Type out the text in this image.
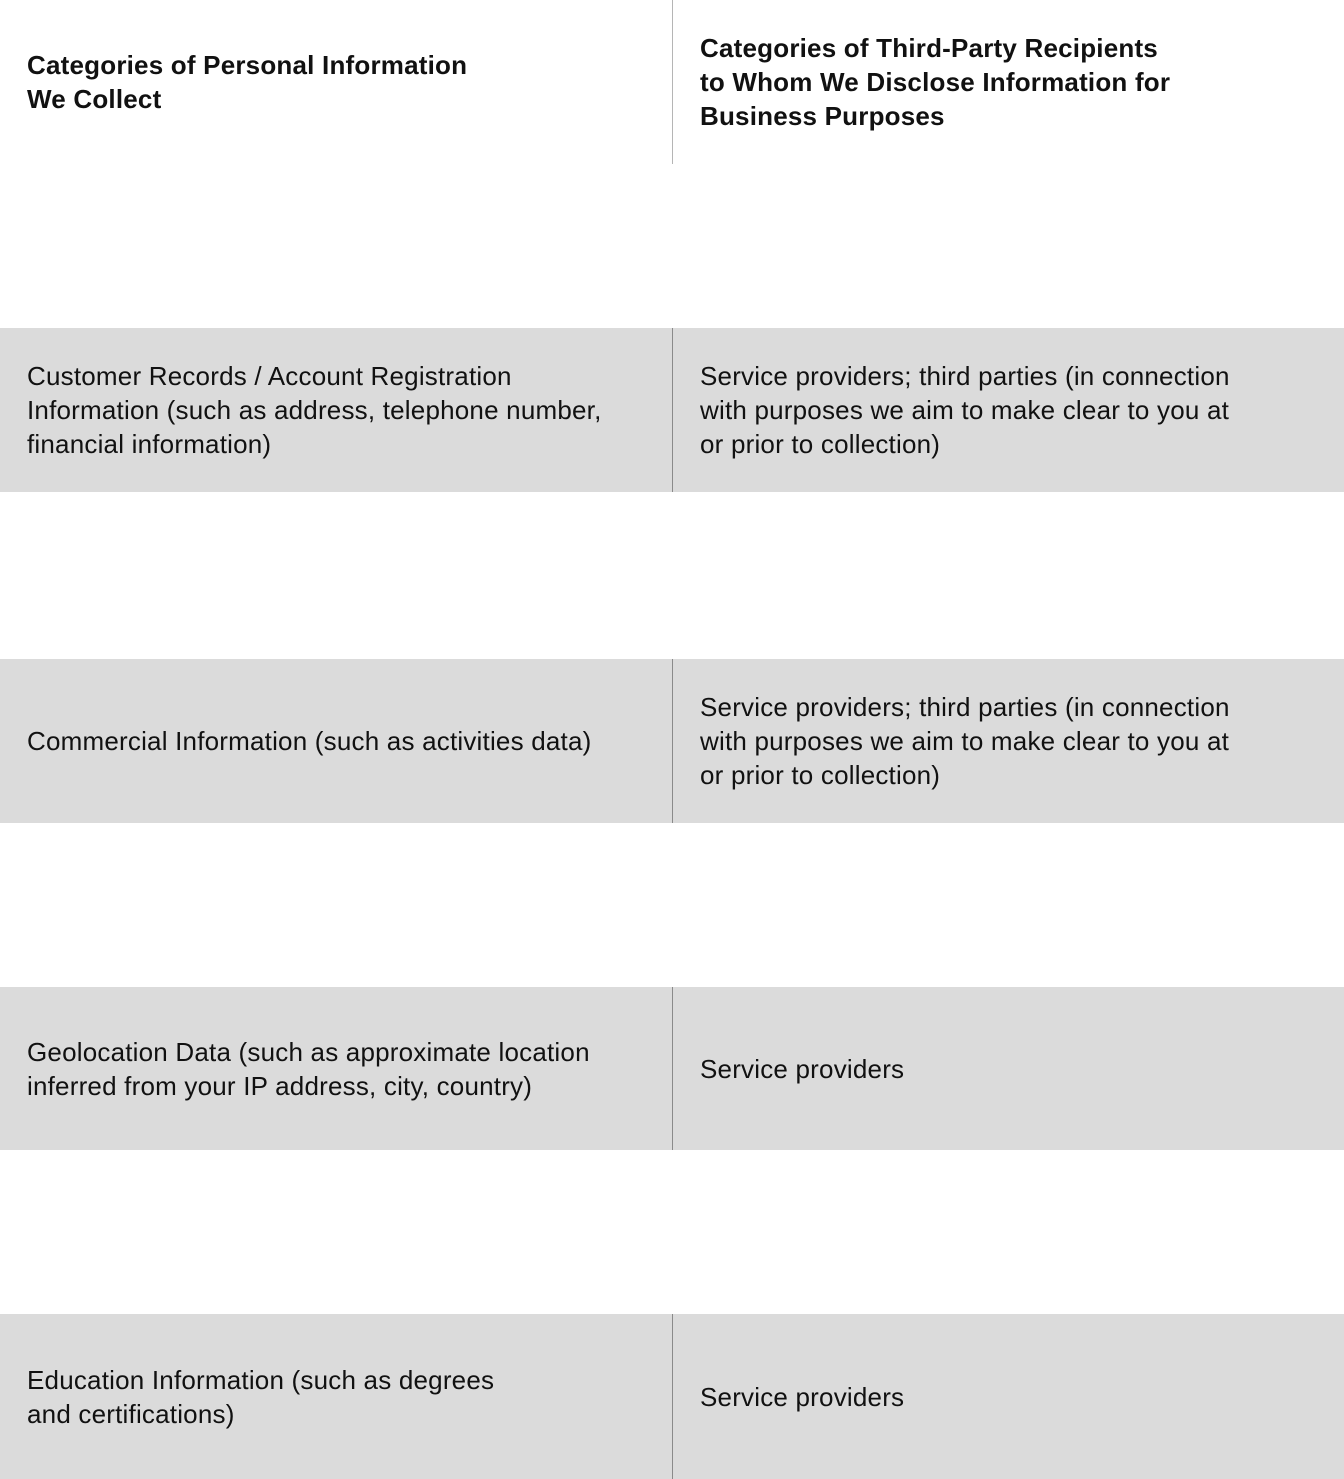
Categories of Personal Information
We Collect
Categories of Third-Party Recipients
to Whom We Disclose Information for
Business Purposes
Customer Records / Account Registration
Information (such as address, telephone number,
financial information)
Service providers; third parties (in connection
with purposes we aim to make clear to you at
or prior to collection)
Commercial Information (such as activities data)
Service providers; third parties (in connection
with purposes we aim to make clear to you at
or prior to collection)
Geolocation Data (such as approximate location
inferred from your IP address, city, country)
Service providers
Education Information (such as degrees
and certifications)
Service providers
